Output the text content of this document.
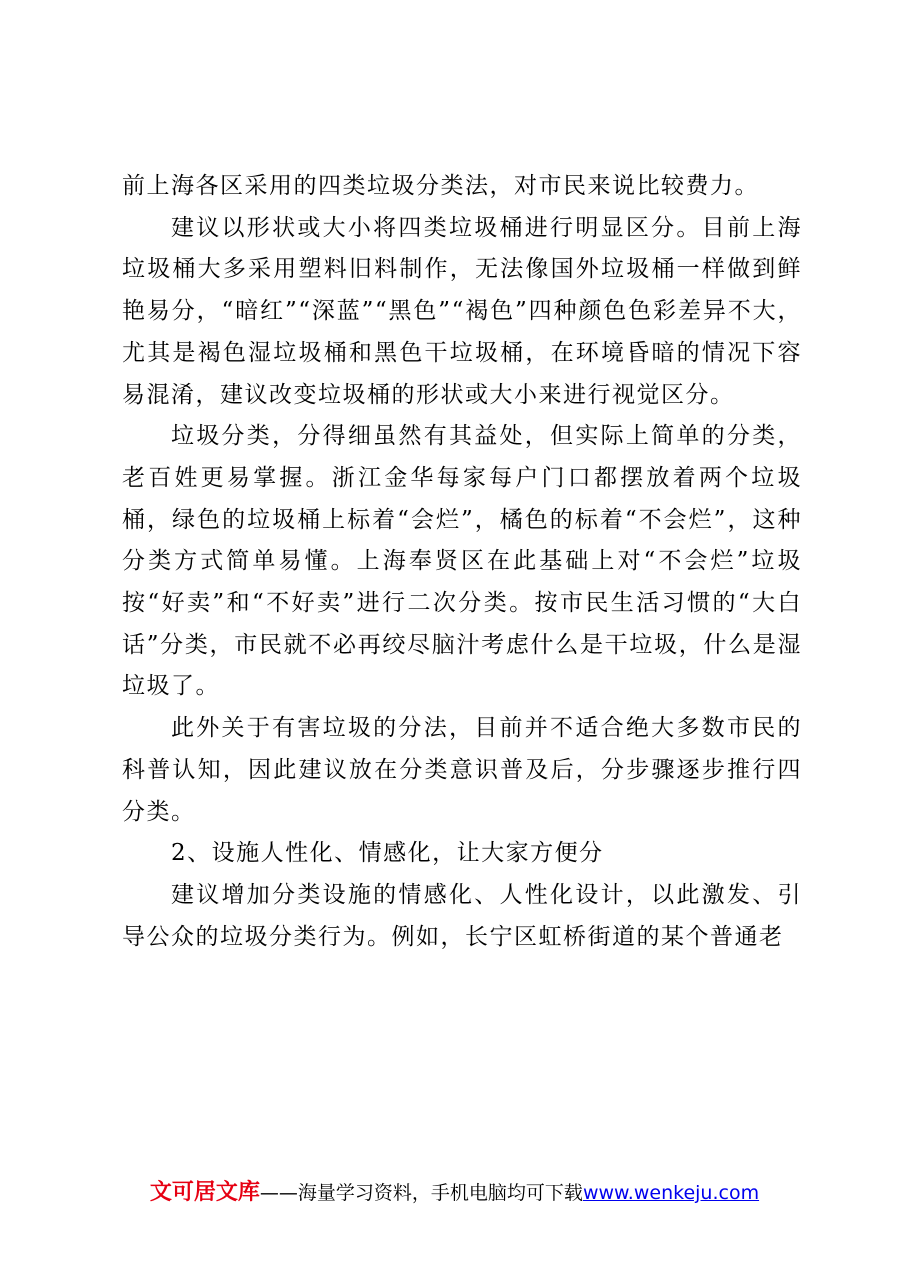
前上海各区采用的四类垃圾分类法，对市民来说比较费力。

建议以形状或大小将四类垃圾桶进行明显区分。目前上海垃圾桶大多采用塑料旧料制作，无法像国外垃圾桶一样做到鲜艳易分，“暗红”“深蓝”“黑色”“褐色”四种颜色色彩差异不大，尤其是褐色湿垃圾桶和黑色干垃圾桶，在环境昏暗的情况下容易混淆，建议改变垃圾桶的形状或大小来进行视觉区分。

垃圾分类，分得细虽然有其益处，但实际上简单的分类，老百姓更易掌握。浙江金华每家每户门口都摆放着两个垃圾桶，绿色的垃圾桶上标着“会烂”，橘色的标着“不会烂”，这种分类方式简单易懂。上海奉贤区在此基础上对“不会烂”垃圾按“好卖”和“不好卖”进行二次分类。按市民生活习惯的“大白话”分类，市民就不必再绞尽脑汁考虑什么是干垃圾，什么是湿垃圾了。

此外关于有害垃圾的分法，目前并不适合绝大多数市民的科普认知，因此建议放在分类意识普及后，分步骤逐步推行四分类。

2、设施人性化、情感化，让大家方便分

建议增加分类设施的情感化、人性化设计，以此激发、引导公众的垃圾分类行为。例如，长宁区虹桥街道的某个普通老

文可居文库——海量学习资料，手机电脑均可下载www.wenkeju.com
